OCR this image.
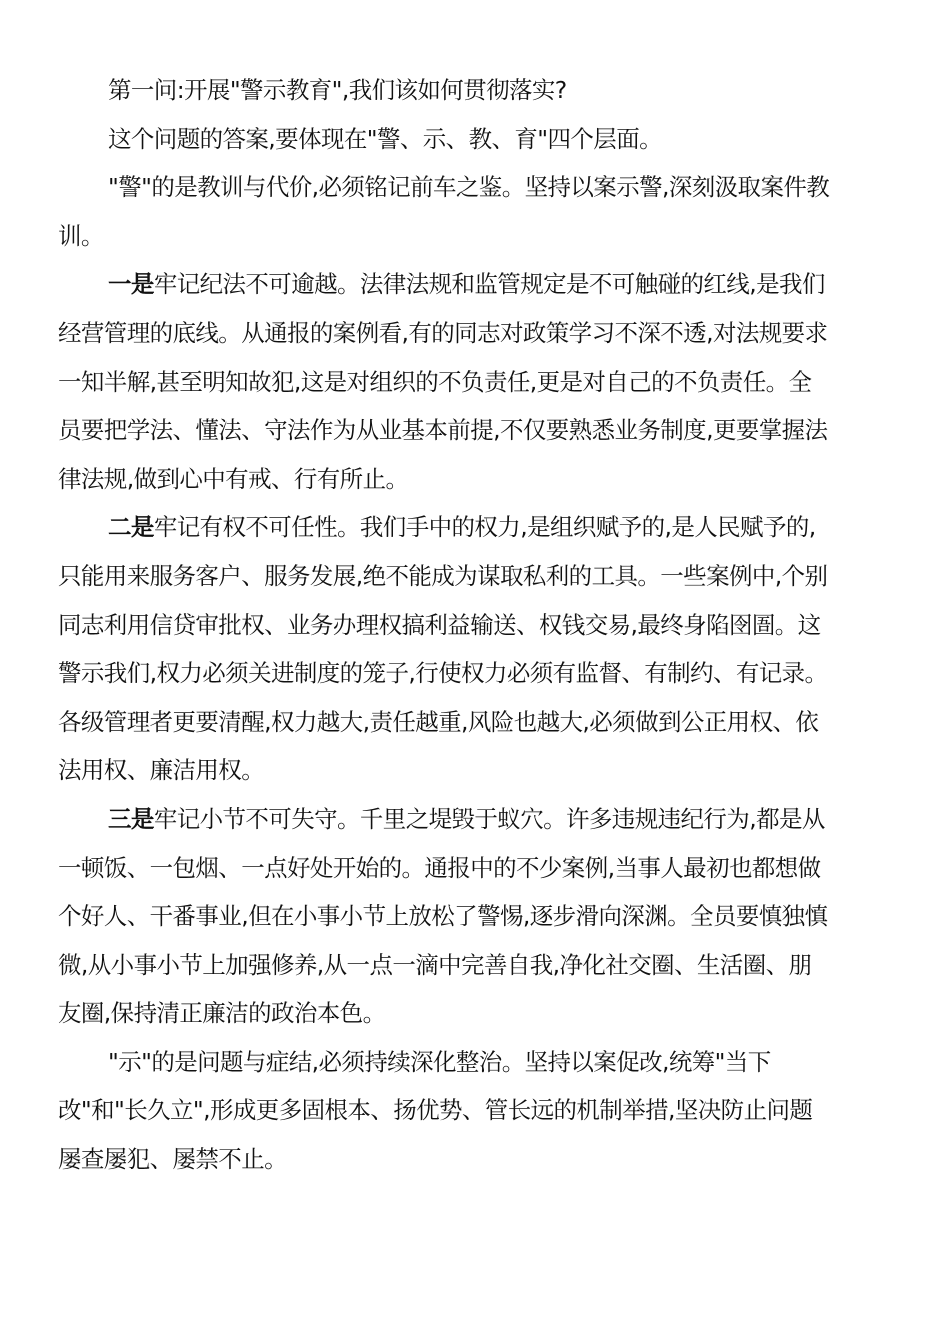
第一问:开展"警示教育",我们该如何贯彻落实?
这个问题的答案,要体现在"警、示、教、育"四个层面。
"警"的是教训与代价,必须铭记前车之鉴。坚持以案示警,深刻汲取案件教
训。
一是牢记纪法不可逾越。法律法规和监管规定是不可触碰的红线,是我们
经营管理的底线。从通报的案例看,有的同志对政策学习不深不透,对法规要求
一知半解,甚至明知故犯,这是对组织的不负责任,更是对自己的不负责任。全
员要把学法、懂法、守法作为从业基本前提,不仅要熟悉业务制度,更要掌握法
律法规,做到心中有戒、行有所止。
二是牢记有权不可任性。我们手中的权力,是组织赋予的,是人民赋予的,
只能用来服务客户、服务发展,绝不能成为谋取私利的工具。一些案例中,个别
同志利用信贷审批权、业务办理权搞利益输送、权钱交易,最终身陷囹圄。这
警示我们,权力必须关进制度的笼子,行使权力必须有监督、有制约、有记录。
各级管理者更要清醒,权力越大,责任越重,风险也越大,必须做到公正用权、依
法用权、廉洁用权。
三是牢记小节不可失守。千里之堤毁于蚁穴。许多违规违纪行为,都是从
一顿饭、一包烟、一点好处开始的。通报中的不少案例,当事人最初也都想做
个好人、干番事业,但在小事小节上放松了警惕,逐步滑向深渊。全员要慎独慎
微,从小事小节上加强修养,从一点一滴中完善自我,净化社交圈、生活圈、朋
友圈,保持清正廉洁的政治本色。
"示"的是问题与症结,必须持续深化整治。坚持以案促改,统筹"当下
改"和"长久立",形成更多固根本、扬优势、管长远的机制举措,坚决防止问题
屡查屡犯、屡禁不止。
